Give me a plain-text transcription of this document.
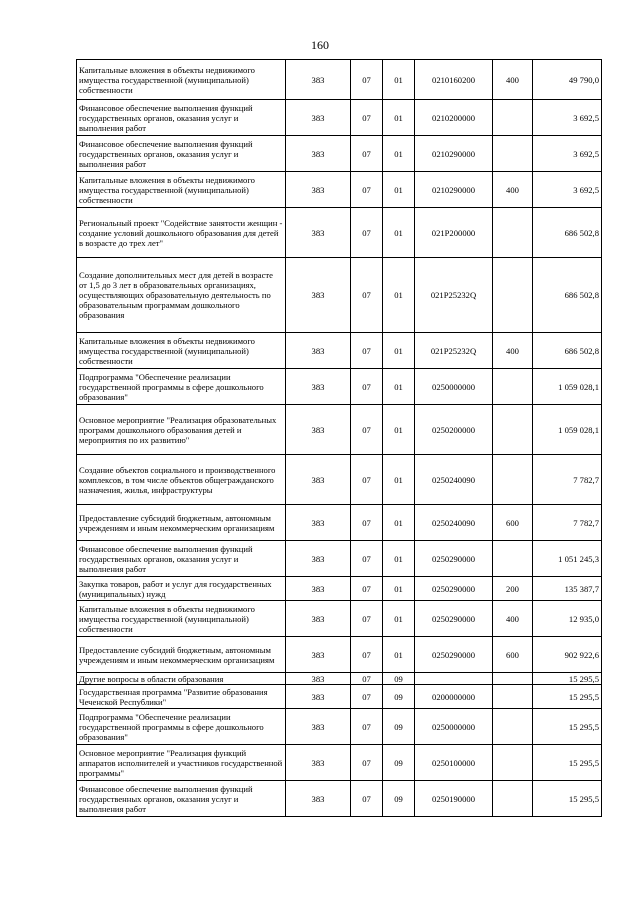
160
Капитальные вложения в объекты недвижимого имущества государственной (муниципальной) собственности	383	07	01	0210160200	400	49 790,0
Финансовое обеспечение выполнения функций государственных органов, оказания услуг и выполнения работ	383	07	01	0210200000		3 692,5
Финансовое обеспечение выполнения функций государственных органов, оказания услуг и выполнения работ	383	07	01	0210290000		3 692,5
Капитальные вложения в объекты недвижимого имущества государственной (муниципальной) собственности	383	07	01	0210290000	400	3 692,5
Региональный проект "Содействие занятости женщин - создание условий дошкольного образования для детей в возрасте до трех лет"	383	07	01	021P200000		686 502,8
Создание дополнительных мест для детей в возрасте от 1,5 до 3 лет в образовательных организациях, осуществляющих образовательную деятельность по образовательным программам дошкольного образования	383	07	01	021P25232Q		686 502,8
Капитальные вложения в объекты недвижимого имущества государственной (муниципальной) собственности	383	07	01	021P25232Q	400	686 502,8
Подпрограмма "Обеспечение реализации государственной программы в сфере дошкольного образования"	383	07	01	0250000000		1 059 028,1
Основное мероприятие "Реализация образовательных программ дошкольного образования детей и мероприятия по их развитию"	383	07	01	0250200000		1 059 028,1
Создание объектов социального и производственного комплексов, в том числе объектов общегражданского назначения, жилья, инфраструктуры	383	07	01	0250240090		7 782,7
Предоставление субсидий бюджетным, автономным учреждениям и иным некоммерческим организациям	383	07	01	0250240090	600	7 782,7
Финансовое обеспечение выполнения функций государственных органов, оказания услуг и выполнения работ	383	07	01	0250290000		1 051 245,3
Закупка товаров, работ и услуг для государственных (муниципальных) нужд	383	07	01	0250290000	200	135 387,7
Капитальные вложения в объекты недвижимого имущества государственной (муниципальной) собственности	383	07	01	0250290000	400	12 935,0
Предоставление субсидий бюджетным, автономным учреждениям и иным некоммерческим организациям	383	07	01	0250290000	600	902 922,6
Другие вопросы в области образования	383	07	09			15 295,5
Государственная программа "Развитие образования Чеченской Республики"	383	07	09	0200000000		15 295,5
Подпрограмма "Обеспечение реализации государственной программы в сфере дошкольного образования"	383	07	09	0250000000		15 295,5
Основное мероприятие "Реализация функций аппаратов исполнителей и участников государственной программы"	383	07	09	0250100000		15 295,5
Финансовое обеспечение выполнения функций государственных органов, оказания услуг и выполнения работ	383	07	09	0250190000		15 295,5
